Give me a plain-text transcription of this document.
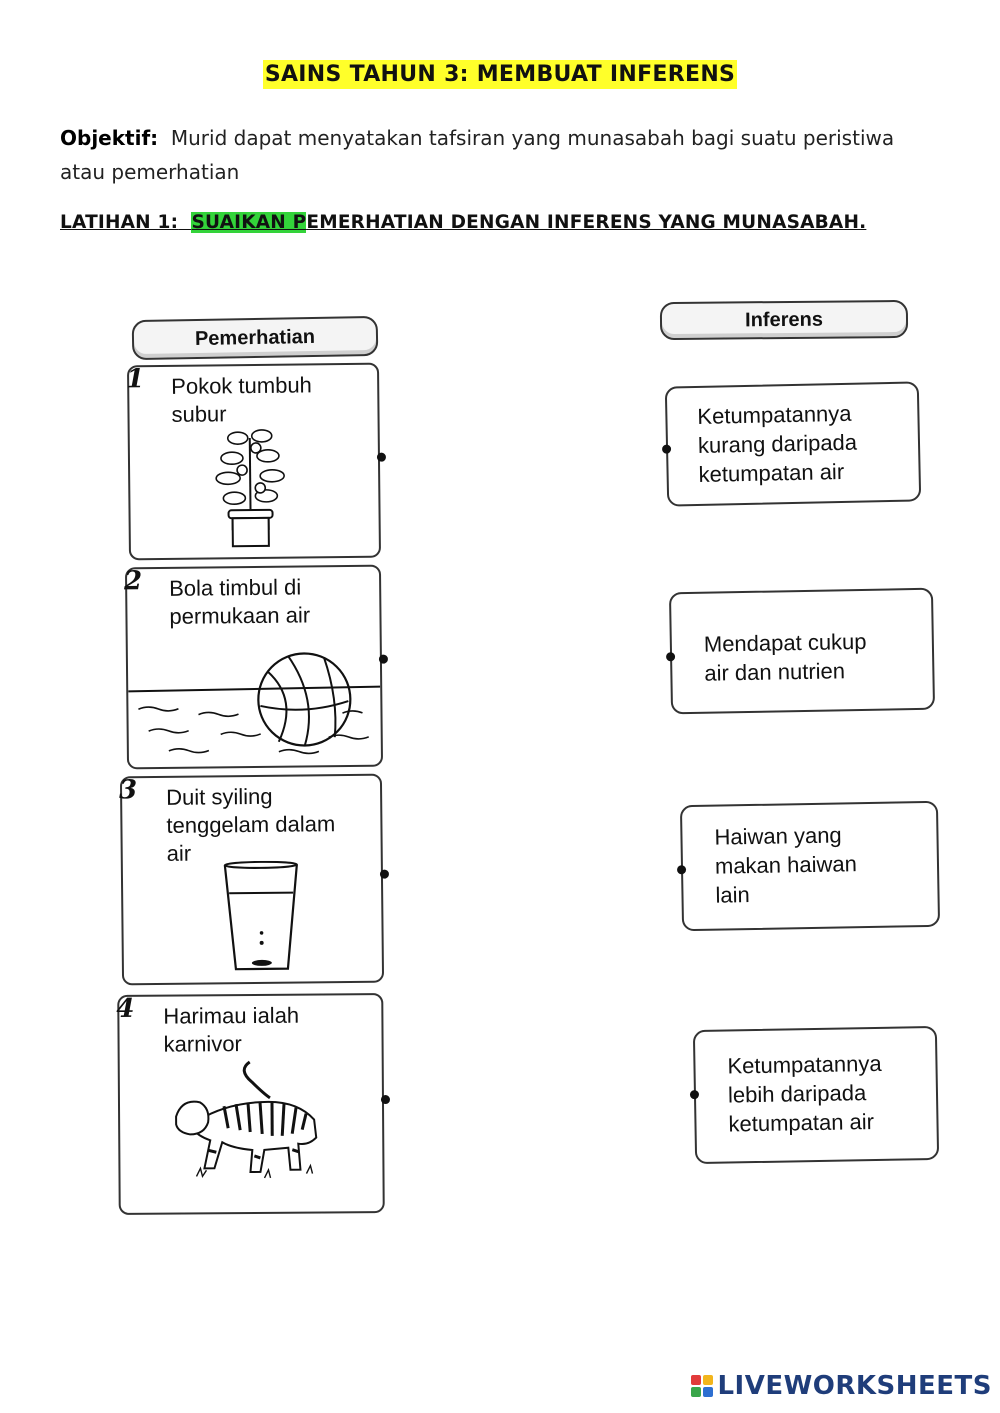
SAINS TAHUN 3: MEMBUAT INFERENS
Objektif: Murid dapat menyatakan tafsiran yang munasabah bagi suatu peristiwa atau pemerhatian
LATIHAN 1: SUAIKAN PEMERHATIAN DENGAN INFERENS YANG MUNASABAH.
Pemerhatian
Inferens
1 Pokok tumbuh
subur
2 Bola timbul di
permukaan air
3 Duit syiling
tenggelam dalam
air
4 Harimau ialah
karnivor
Ketumpatannya
kurang daripada
ketumpatan air
Mendapat cukup
air dan nutrien
Haiwan yang
makan haiwan
lain
Ketumpatannya
lebih daripada
ketumpatan air
LIVEWORKSHEETS
